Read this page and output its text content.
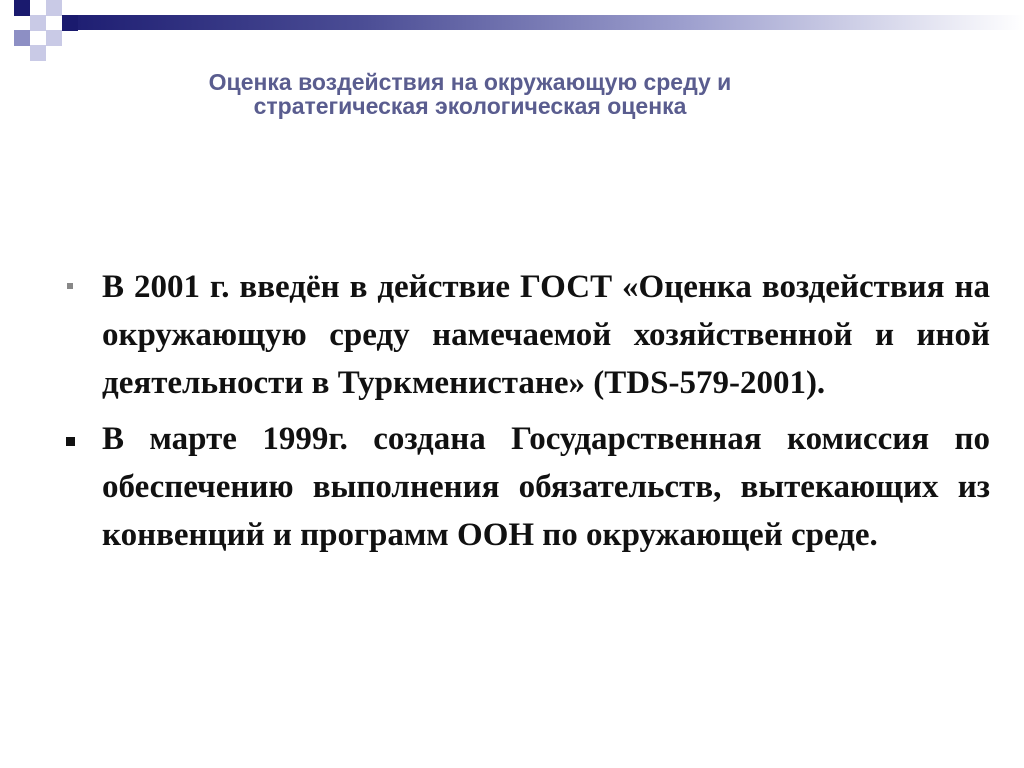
Оценка воздействия на окружающую среду и
стратегическая экологическая оценка
В 2001 г. введён в действие ГОСТ «Оценка воздействия на окружающую среду намечаемой хозяйственной и иной деятельности в Туркменистане» (TDS-579-2001).
В марте 1999г. создана Государственная комиссия по обеспечению выполнения обязательств, вытекающих из конвенций и программ ООН по окружающей среде.
